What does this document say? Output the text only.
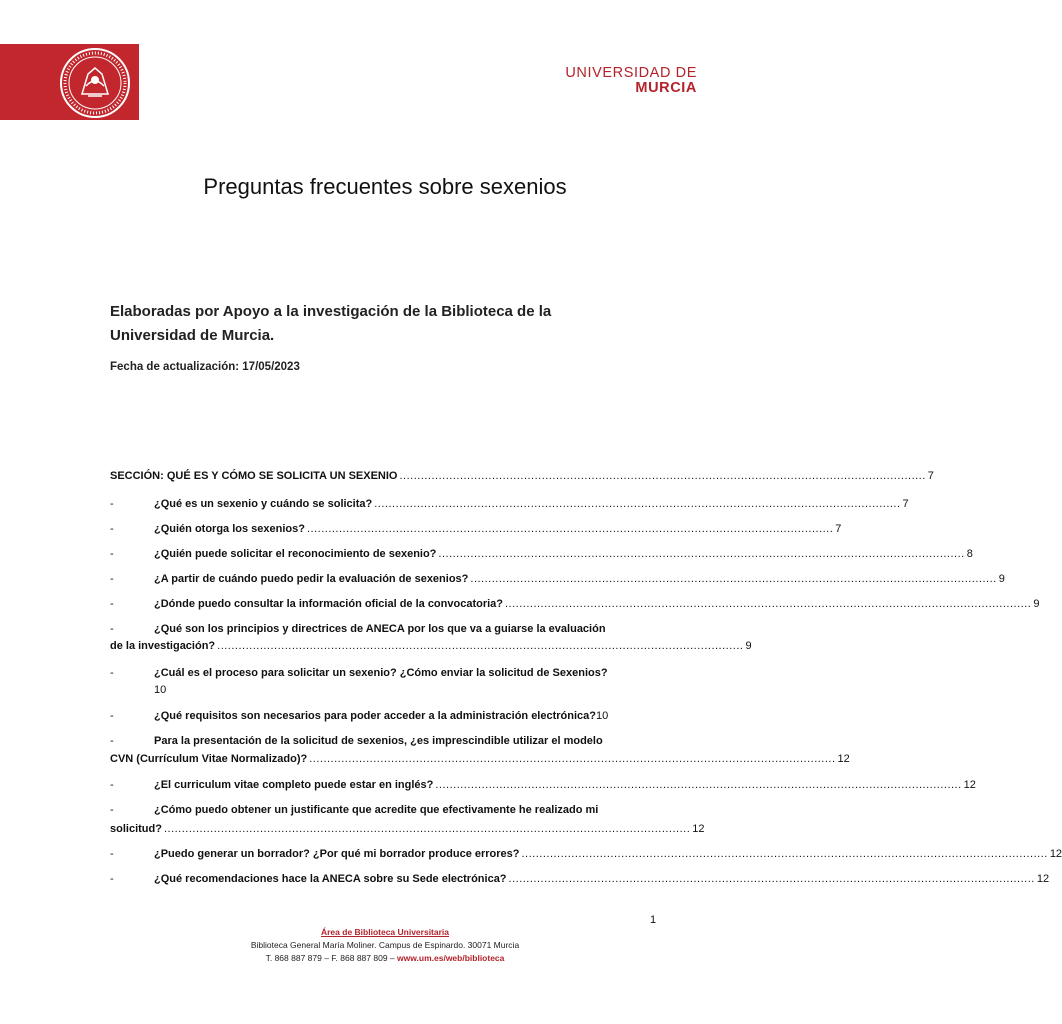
UNIVERSIDAD DE
MURCIA
Preguntas frecuentes sobre sexenios
Elaboradas por Apoyo a la investigación de la Biblioteca de la Universidad de Murcia.
Fecha de actualización: 17/05/2023
SECCIÓN: QUÉ ES Y CÓMO SE SOLICITA UN SEXENIO .................................................................................................................................................... 7
-	¿Qué es un sexenio y cuándo se solicita? .................................................................................................................................................... 7
-	¿Quién otorga los sexenios? .................................................................................................................................................... 7
-	¿Quién puede solicitar el reconocimiento de sexenio? .................................................................................................................................................... 8
-	¿A partir de cuándo puedo pedir la evaluación de sexenios? .................................................................................................................................................... 9
-	¿Dónde puedo consultar la información oficial de la convocatoria? .................................................................................................................................................... 9
-	¿Qué son los principios y directrices de ANECA por los que va a guiarse la evaluación
de la investigación? .................................................................................................................................................... 9
-	¿Cuál es el proceso para solicitar un sexenio? ¿Cómo enviar la solicitud de Sexenios?
10
-	¿Qué requisitos son necesarios para poder acceder a la administración electrónica? 10
-	Para la presentación de la solicitud de sexenios, ¿es imprescindible utilizar el modelo
CVN (Currículum Vitae Normalizado)? .................................................................................................................................................... 12
-	¿El curriculum vitae completo puede estar en inglés? .................................................................................................................................................... 12
-	¿Cómo puedo obtener un justificante que acredite que efectivamente he realizado mi
solicitud? .................................................................................................................................................... 12
-	¿Puedo generar un borrador? ¿Por qué mi borrador produce errores? .................................................................................................................................................... 12
-	¿Qué recomendaciones hace la ANECA sobre su Sede electrónica? .................................................................................................................................................... 12
1
Área de Biblioteca Universitaria
Biblioteca General María Moliner. Campus de Espinardo. 30071 Murcia
T. 868 887 879 – F. 868 887 809 – www.um.es/web/biblioteca
